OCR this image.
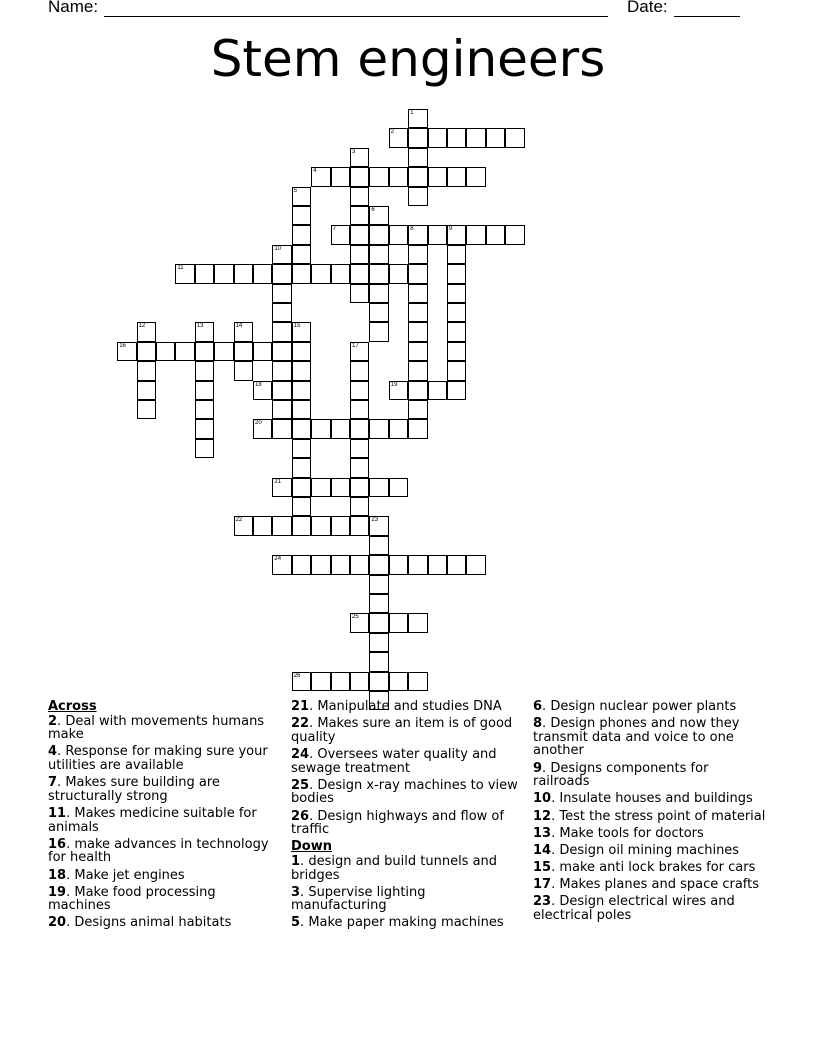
Name:	Date:
Stem engineers
1
2
3
4
5
6
7	8	9
10
11
12	13	14	15
16	17
18	19
20
21
22	23
24
25
26
Across
2. Deal with movements humans make
4. Response for making sure your utilities are available
7. Makes sure building are structurally strong
11. Makes medicine suitable for animals
16. make advances in technology for health
18. Make jet engines
19. Make food processing machines
20. Designs animal habitats
21. Manipulate and studies DNA
22. Makes sure an item is of good quality
24. Oversees water quality and sewage treatment
25. Design x-ray machines to view bodies
26. Design highways and flow of traffic
Down
1. design and build tunnels and bridges
3. Supervise lighting manufacturing
5. Make paper making machines
6. Design nuclear power plants
8. Design phones and now they transmit data and voice to one another
9. Designs components for railroads
10. Insulate houses and buildings
12. Test the stress point of material
13. Make tools for doctors
14. Design oil mining machines
15. make anti lock brakes for cars
17. Makes planes and space crafts
23. Design electrical wires and electrical poles
